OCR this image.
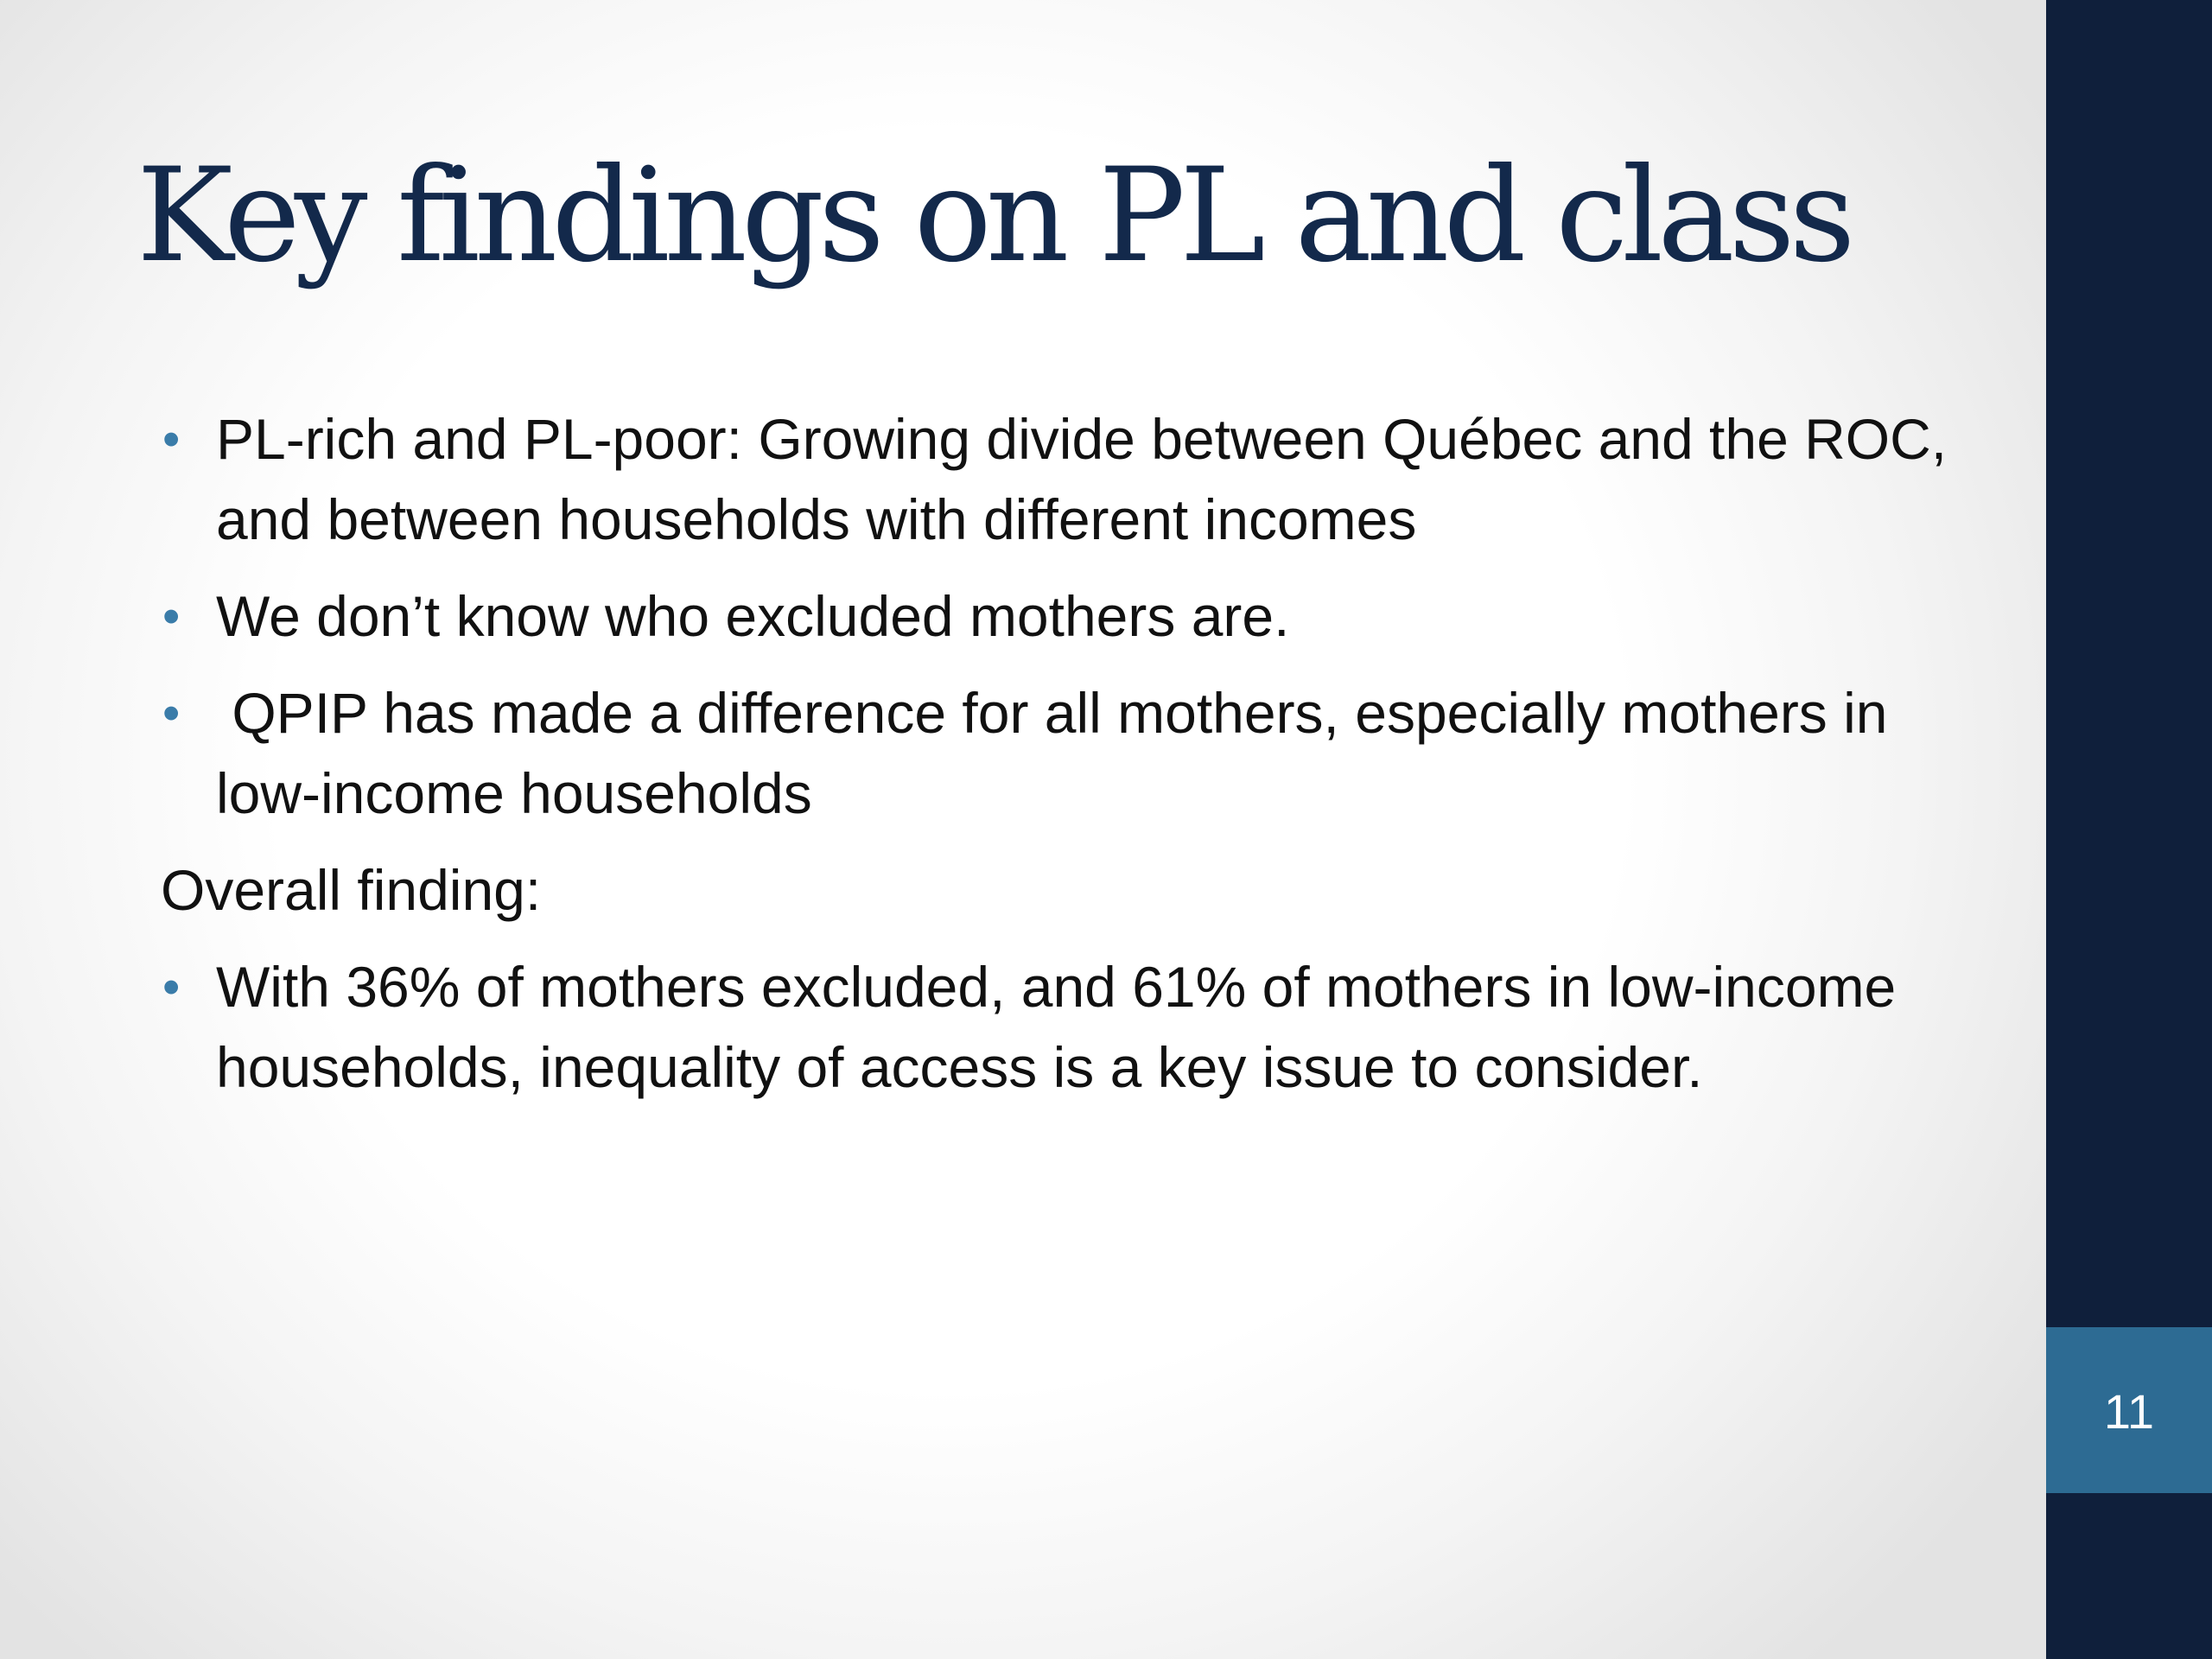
Key findings on PL and class
• PL-rich and PL-poor: Growing divide between Québec and the ROC, and between households with different incomes
• We don’t know who excluded mothers are.
• QPIP has made a difference for all mothers, especially mothers in low-income households
Overall finding:
• With 36% of mothers excluded, and 61% of mothers in low-income households, inequality of access is a key issue to consider.
11
